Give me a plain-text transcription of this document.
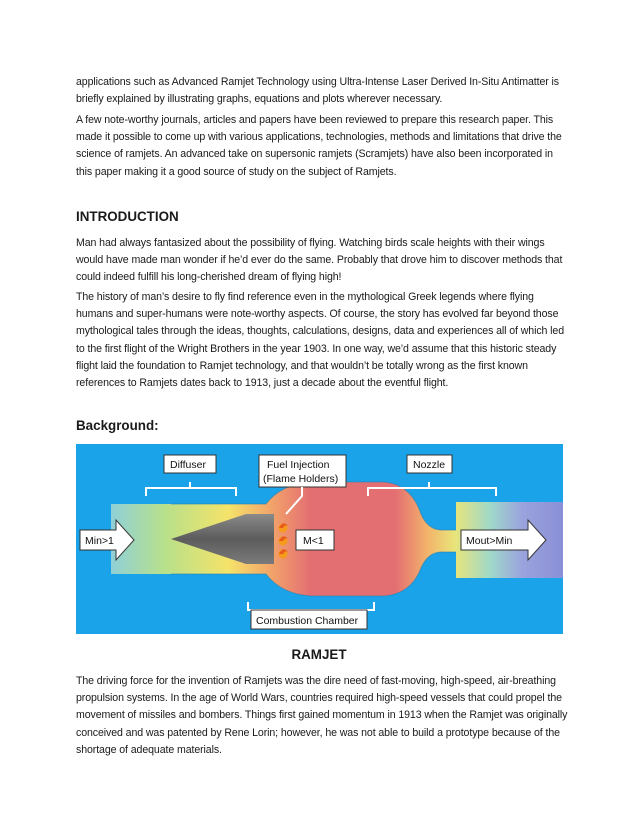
applications such as Advanced Ramjet Technology using Ultra-Intense Laser Derived In-Situ Antimatter is briefly explained by illustrating graphs, equations and plots wherever necessary.

A few note-worthy journals, articles and papers have been reviewed to prepare this research paper. This made it possible to come up with various applications, technologies, methods and limitations that drive the science of ramjets. An advanced take on supersonic ramjets (Scramjets) have also been incorporated in this paper making it a good source of study on the subject of Ramjets.

INTRODUCTION

Man had always fantasized about the possibility of flying. Watching birds scale heights with their wings would have made man wonder if he’d ever do the same. Probably that drove him to discover methods that could indeed fulfill his long-cherished dream of flying high!

The history of man’s desire to fly find reference even in the mythological Greek legends where flying humans and super-humans were note-worthy aspects. Of course, the story has evolved far beyond those mythological tales through the ideas, thoughts, calculations, designs, data and experiences all of which led to the first flight of the Wright Brothers in the year 1903. In one way, we’d assume that this historic steady flight laid the foundation to Ramjet technology, and that wouldn’t be totally wrong as the first known references to Ramjets dates back to 1913, just a decade about the eventful flight.

Background:
Min>1	M<1	Mout>Min
Diffuser	Fuel Injection
(Flame Holders)
Nozzle
Combustion Chamber
RAMJET

The driving force for the invention of Ramjets was the dire need of fast-moving, high-speed, air-breathing propulsion systems. In the age of World Wars, countries required high-speed vessels that could propel the movement of missiles and bombers. Things first gained momentum in 1913 when the Ramjet was originally conceived and was patented by Rene Lorin; however, he was not able to build a prototype because of the shortage of adequate materials.
